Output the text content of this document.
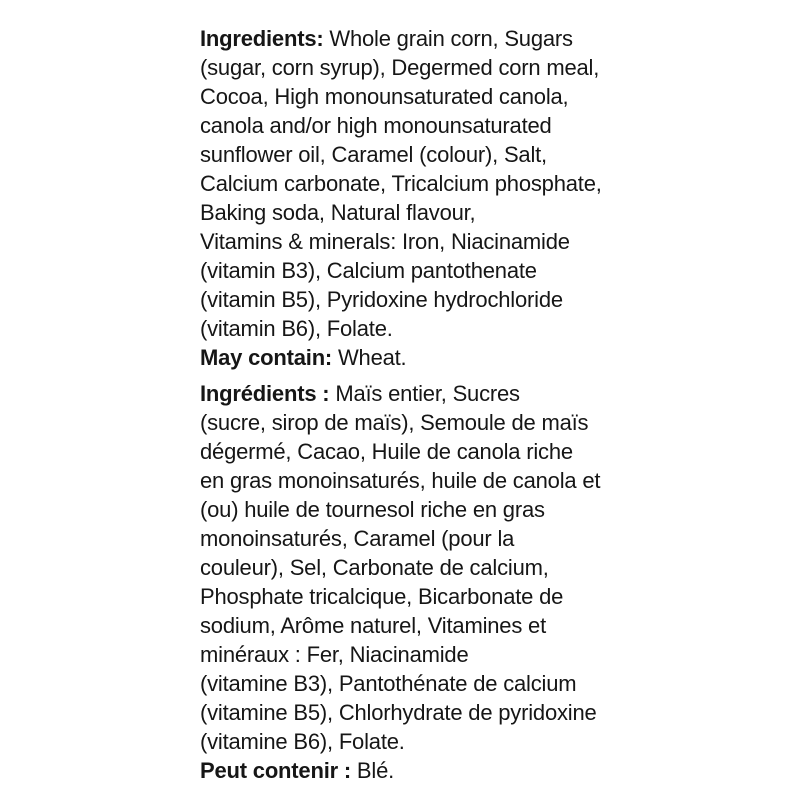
Ingredients: Whole grain corn, Sugars
(sugar, corn syrup), Degermed corn meal,
Cocoa, High monounsaturated canola,
canola and/or high monounsaturated
sunflower oil, Caramel (colour), Salt,
Calcium carbonate, Tricalcium phosphate,
Baking soda, Natural flavour,
Vitamins & minerals: Iron, Niacinamide
(vitamin B3), Calcium pantothenate
(vitamin B5), Pyridoxine hydrochloride
(vitamin B6), Folate.
May contain: Wheat.
Ingrédients : Maïs entier, Sucres
(sucre, sirop de maïs), Semoule de maïs
dégermé, Cacao, Huile de canola riche
en gras monoinsaturés, huile de canola et
(ou) huile de tournesol riche en gras
monoinsaturés, Caramel (pour la
couleur), Sel, Carbonate de calcium,
Phosphate tricalcique, Bicarbonate de
sodium, Arôme naturel, Vitamines et
minéraux : Fer, Niacinamide
(vitamine B3), Pantothénate de calcium
(vitamine B5), Chlorhydrate de pyridoxine
(vitamine B6), Folate.
Peut contenir : Blé.
